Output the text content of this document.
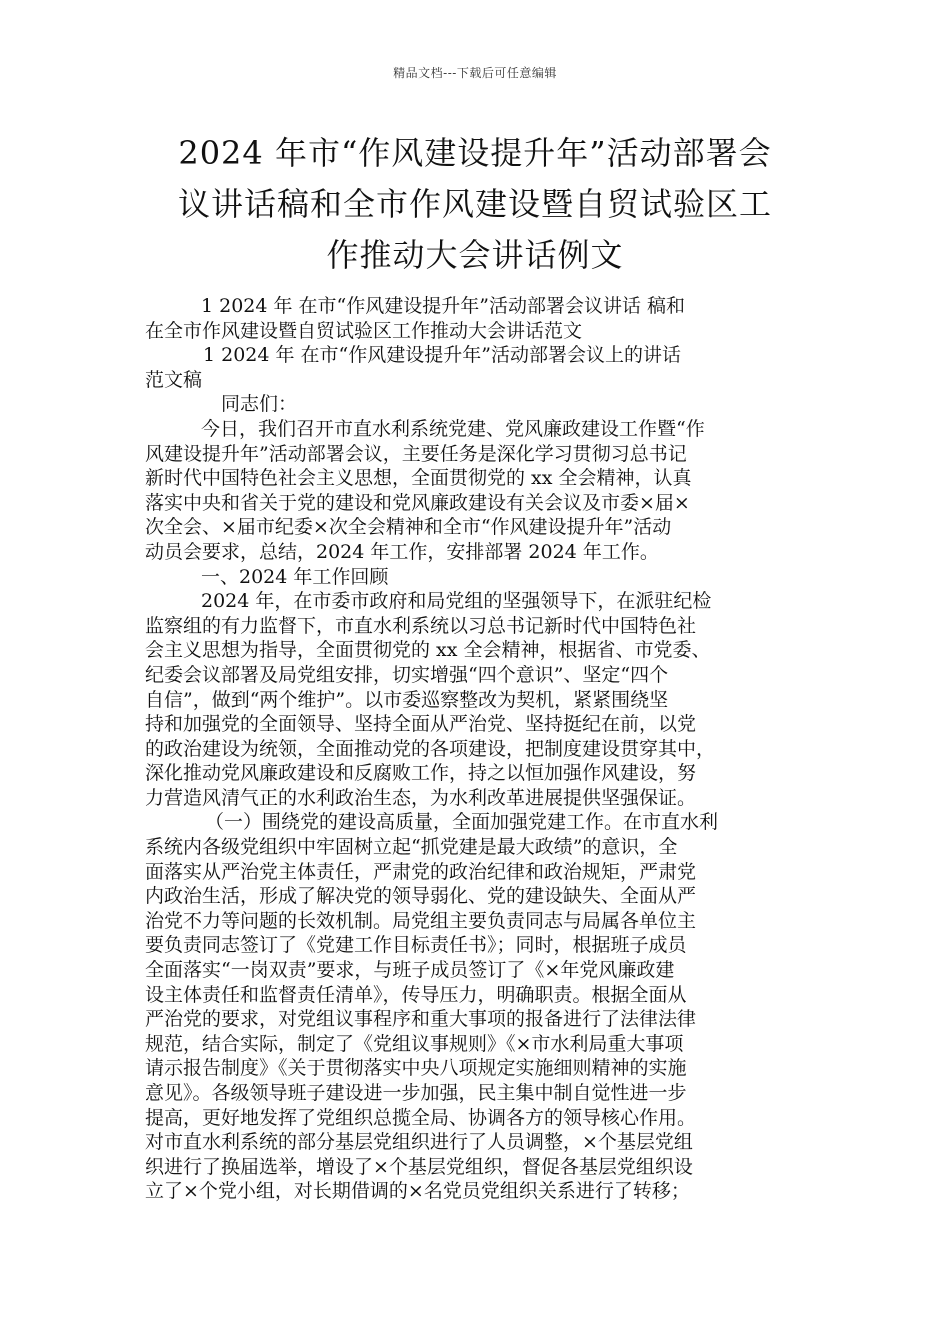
精品文档---下载后可任意编辑
2024 年市“作风建设提升年”活动部署会
议讲话稿和全市作风建设暨自贸试验区工
作推动大会讲话例文
1 2024 年 在市“作风建设提升年”活动部署会议讲话 稿和
在全市作风建设暨自贸试验区工作推动大会讲话范文
1 2024 年 在市“作风建设提升年”活动部署会议上的讲话
范文稿
同志们：
今日，我们召开市直水利系统党建、党风廉政建设工作暨“作
风建设提升年”活动部署会议，主要任务是深化学习贯彻习总书记
新时代中国特色社会主义思想，全面贯彻党的 xx 全会精神，认真
落实中央和省关于党的建设和党风廉政建设有关会议及市委×届×
次全会、×届市纪委×次全会精神和全市“作风建设提升年”活动
动员会要求，总结，2024 年工作，安排部署 2024 年工作。
一、2024 年工作回顾
2024 年，在市委市政府和局党组的坚强领导下，在派驻纪检
监察组的有力监督下，市直水利系统以习总书记新时代中国特色社
会主义思想为指导，全面贯彻党的 xx 全会精神，根据省、市党委、
纪委会议部署及局党组安排，切实增强“四个意识”、坚定“四个
自信”，做到“两个维护”。以市委巡察整改为契机，紧紧围绕坚
持和加强党的全面领导、坚持全面从严治党、坚持挺纪在前，以党
的政治建设为统领，全面推动党的各项建设，把制度建设贯穿其中，
深化推动党风廉政建设和反腐败工作，持之以恒加强作风建设，努
力营造风清气正的水利政治生态，为水利改革进展提供坚强保证。
（一）围绕党的建设高质量，全面加强党建工作。在市直水利
系统内各级党组织中牢固树立起“抓党建是最大政绩”的意识，全
面落实从严治党主体责任，严肃党的政治纪律和政治规矩，严肃党
内政治生活，形成了解决党的领导弱化、党的建设缺失、全面从严
治党不力等问题的长效机制。局党组主要负责同志与局属各单位主
要负责同志签订了《党建工作目标责任书》；同时，根据班子成员
全面落实“一岗双责”要求，与班子成员签订了《×年党风廉政建
设主体责任和监督责任清单》，传导压力，明确职责。根据全面从
严治党的要求，对党组议事程序和重大事项的报备进行了法律法律
规范，结合实际，制定了《党组议事规则》《×市水利局重大事项
请示报告制度》《关于贯彻落实中央八项规定实施细则精神的实施
意见》。各级领导班子建设进一步加强，民主集中制自觉性进一步
提高，更好地发挥了党组织总揽全局、协调各方的领导核心作用。
对市直水利系统的部分基层党组织进行了人员调整，×个基层党组
织进行了换届选举，增设了×个基层党组织，督促各基层党组织设
立了×个党小组，对长期借调的×名党员党组织关系进行了转移；
